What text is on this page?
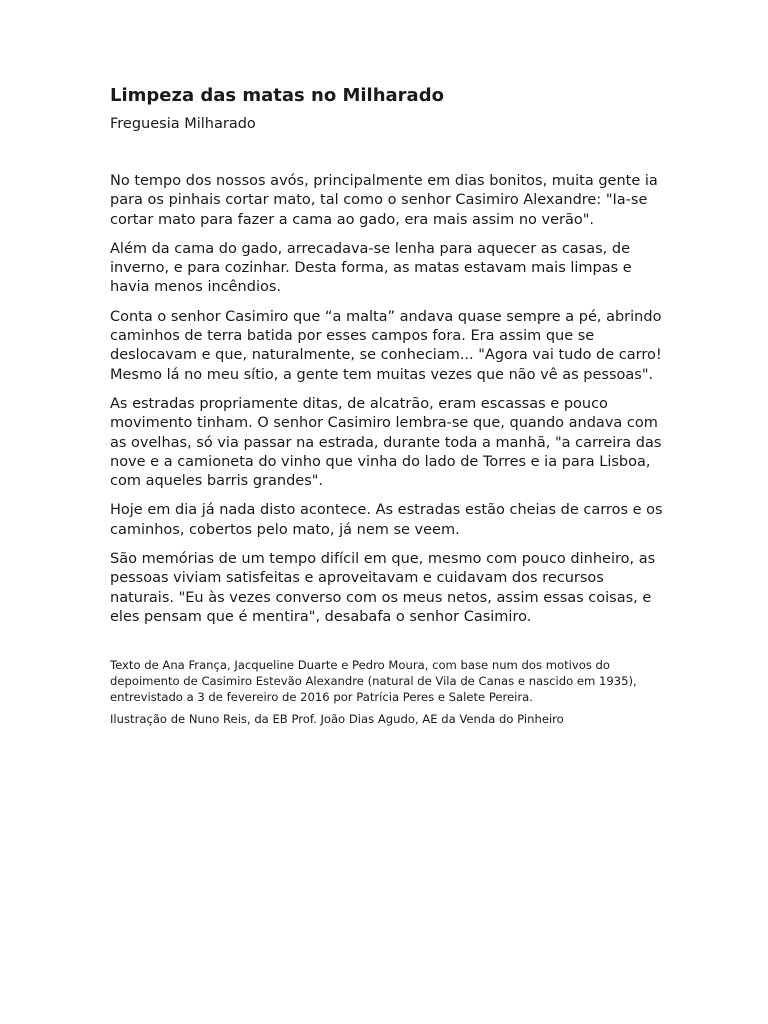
Limpeza das matas no Milharado

Freguesia Milharado

No tempo dos nossos avós, principalmente em dias bonitos, muita gente ia para os pinhais cortar mato, tal como o senhor Casimiro Alexandre: "Ia-se cortar mato para fazer a cama ao gado, era mais assim no verão".

Além da cama do gado, arrecadava-se lenha para aquecer as casas, de inverno, e para cozinhar. Desta forma, as matas estavam mais limpas e havia menos incêndios.

Conta o senhor Casimiro que “a malta” andava quase sempre a pé, abrindo caminhos de terra batida por esses campos fora. Era assim que se deslocavam e que, naturalmente, se conheciam... "Agora vai tudo de carro! Mesmo lá no meu sítio, a gente tem muitas vezes que não vê as pessoas".

As estradas propriamente ditas, de alcatrão, eram escassas e pouco movimento tinham. O senhor Casimiro lembra-se que, quando andava com as ovelhas, só via passar na estrada, durante toda a manhã, "a carreira das nove e a camioneta do vinho que vinha do lado de Torres e ia para Lisboa, com aqueles barris grandes".

Hoje em dia já nada disto acontece. As estradas estão cheias de carros e os caminhos, cobertos pelo mato, já nem se veem.

São memórias de um tempo difícil em que, mesmo com pouco dinheiro, as pessoas viviam satisfeitas e aproveitavam e cuidavam dos recursos naturais. "Eu às vezes converso com os meus netos, assim essas coisas, e eles pensam que é mentira", desabafa o senhor Casimiro.

Texto de Ana França, Jacqueline Duarte e Pedro Moura, com base num dos motivos do depoimento de Casimiro Estevão Alexandre (natural de Vila de Canas e nascido em 1935), entrevistado a 3 de fevereiro de 2016 por Patrícia Peres e Salete Pereira.

Ilustração de Nuno Reis, da EB Prof. João Dias Agudo, AE da Venda do Pinheiro
